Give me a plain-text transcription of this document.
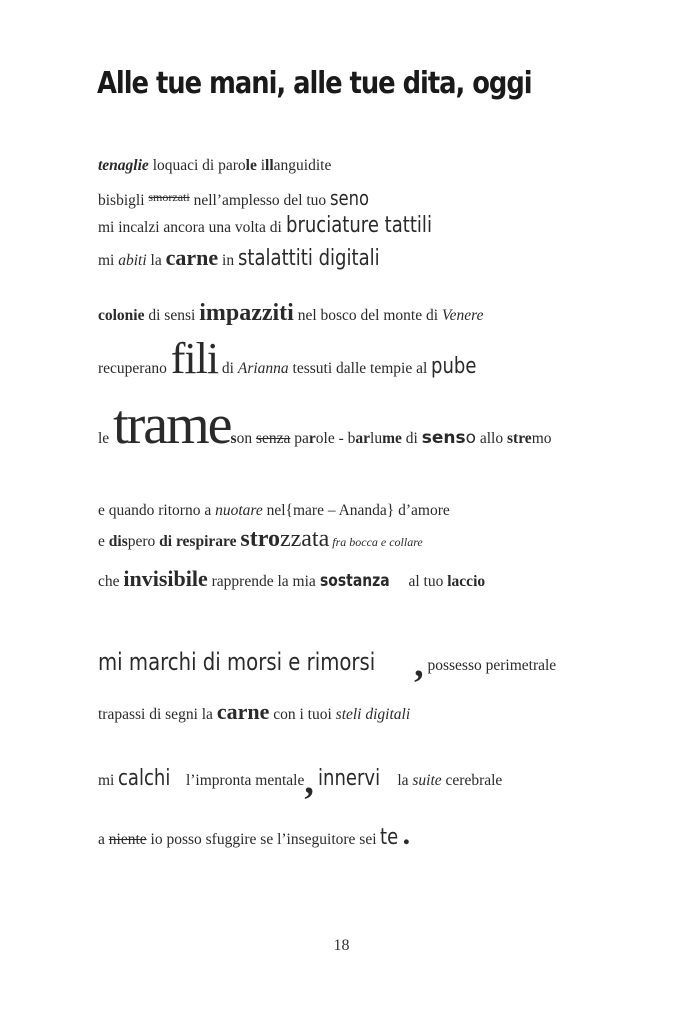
Alle tue mani, alle tue dita, oggi
tenaglie loquaci di parole illanguidite
bisbigli $^{smorzati}$ nell’amplesso del tuo seno
mi incalzi ancora una volta di bruciature tattili
mi abiti la carne in stalattiti digitali
colonie di sensi impazziti nel bosco del monte di Venere
recuperano fili di Arianna tessuti dalle tempie al pube
le trameson senza parole - barlume di senso allo stremo
e quando ritorno a nuotare nel{mare – Ananda} d’amore
e dispero di respirare strozzata fra bocca e collare
che invisibile rapprende la mia sostanza al tuo laccio
mi marchi di morsi e rimorsi , possesso perimetrale
trapassi di segni la carne con i tuoi steli digitali
mi calchi l’impronta mentale, innervi la suite cerebrale
a niente io posso sfuggire se l’inseguitore sei te .
18
